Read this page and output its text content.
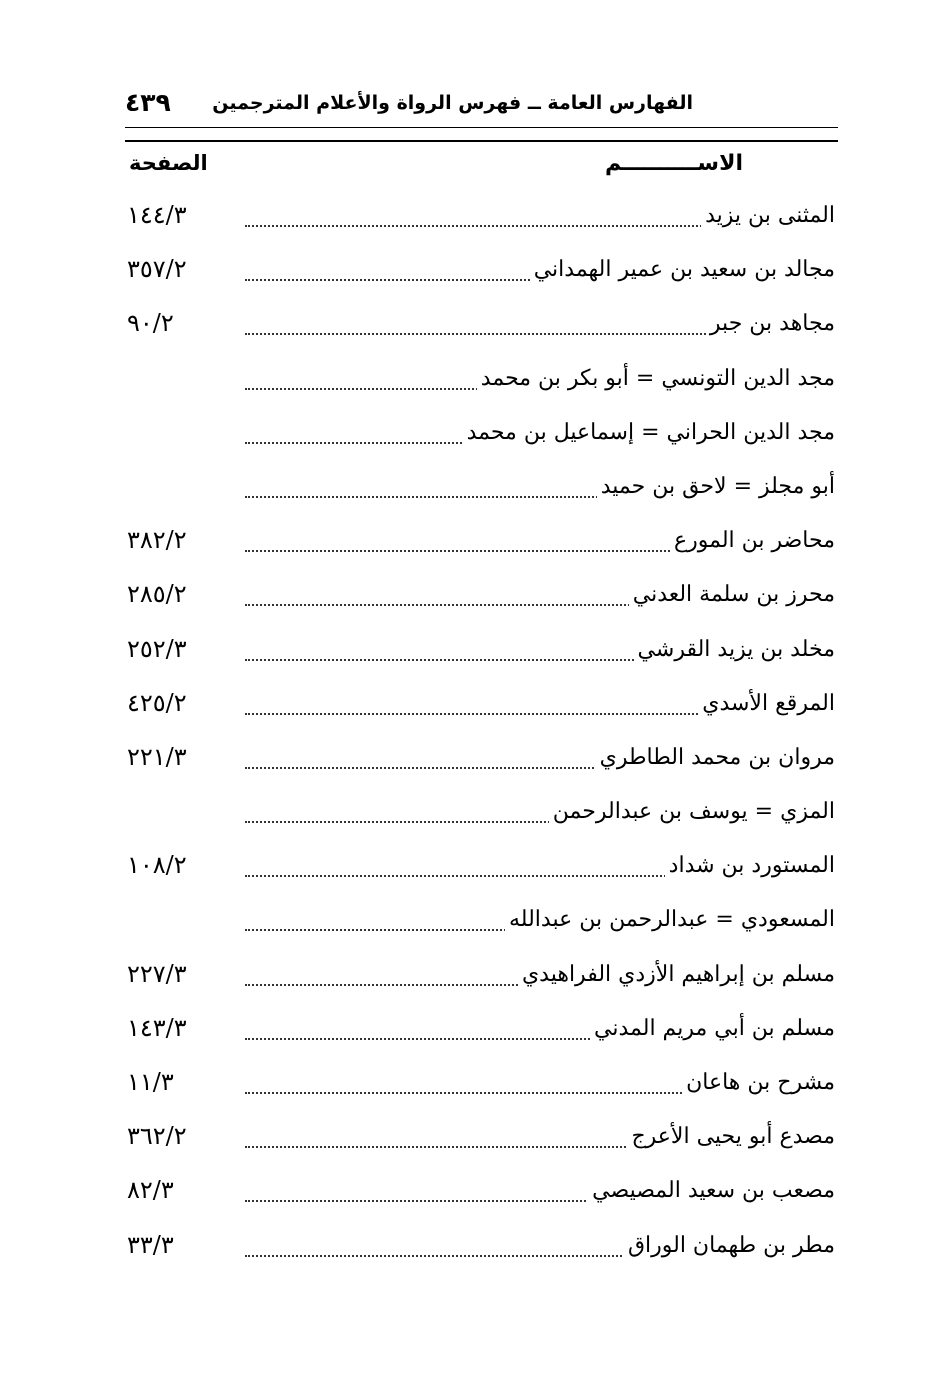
الفهارس العامة ــ فهرس الرواة والأعلام المترجمين
٤٣٩
الاســــــــــم
الصفحة
المثنى بن يزيد
١٤٤/٣
مجالد بن سعيد بن عمير الهمداني
٣٥٧/٢
مجاهد بن جبر
٩٠/٢
مجد الدين التونسي = أبو بكر بن محمد
مجد الدين الحراني = إسماعيل بن محمد
أبو مجلز = لاحق بن حميد
محاضر بن المورع
٣٨٢/٢
محرز بن سلمة العدني
٢٨٥/٢
مخلد بن يزيد القرشي
٢٥٢/٣
المرقع الأسدي
٤٢٥/٢
مروان بن محمد الطاطري
٢٢١/٣
المزي = يوسف بن عبدالرحمن
المستورد بن شداد
١٠٨/٢
المسعودي = عبدالرحمن بن عبدالله
مسلم بن إبراهيم الأزدي الفراهيدي
٢٢٧/٣
مسلم بن أبي مريم المدني
١٤٣/٣
مشرح بن هاعان
١١/٣
مصدع أبو يحيى الأعرج
٣٦٢/٢
مصعب بن سعيد المصيصي
٨٢/٣
مطر بن طهمان الوراق
٣٣/٣
